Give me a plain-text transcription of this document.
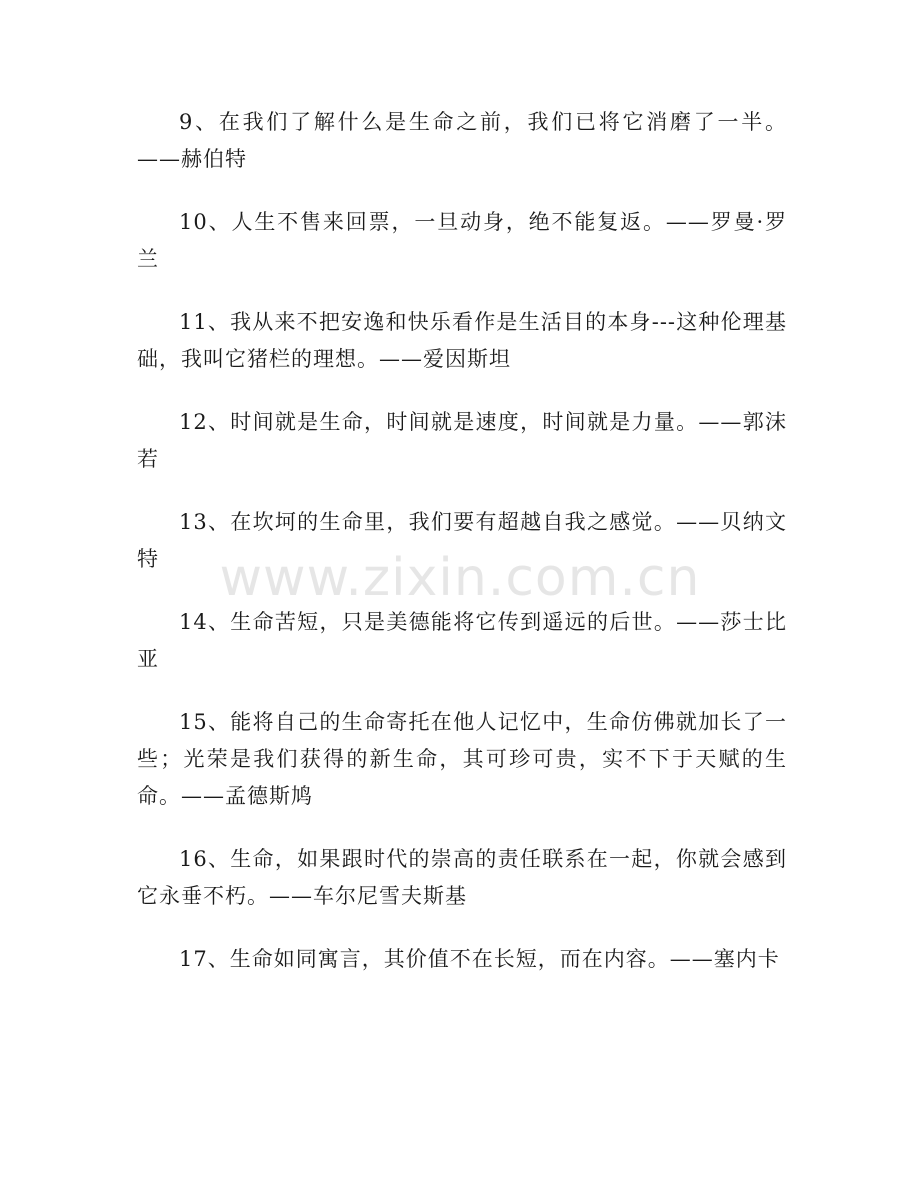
9、在我们了解什么是生命之前，我们已将它消磨了一半。——赫伯特

10、人生不售来回票，一旦动身，绝不能复返。——罗曼·罗兰

11、我从来不把安逸和快乐看作是生活目的本身---这种伦理基础，我叫它猪栏的理想。——爱因斯坦

12、时间就是生命，时间就是速度，时间就是力量。——郭沫若

13、在坎坷的生命里，我们要有超越自我之感觉。——贝纳文特

14、生命苦短，只是美德能将它传到遥远的后世。——莎士比亚

15、能将自己的生命寄托在他人记忆中，生命仿佛就加长了一些；光荣是我们获得的新生命，其可珍可贵，实不下于天赋的生命。——孟德斯鸠

16、生命，如果跟时代的崇高的责任联系在一起，你就会感到它永垂不朽。——车尔尼雪夫斯基

17、生命如同寓言，其价值不在长短，而在内容。——塞内卡

www.zixin.com.cn
